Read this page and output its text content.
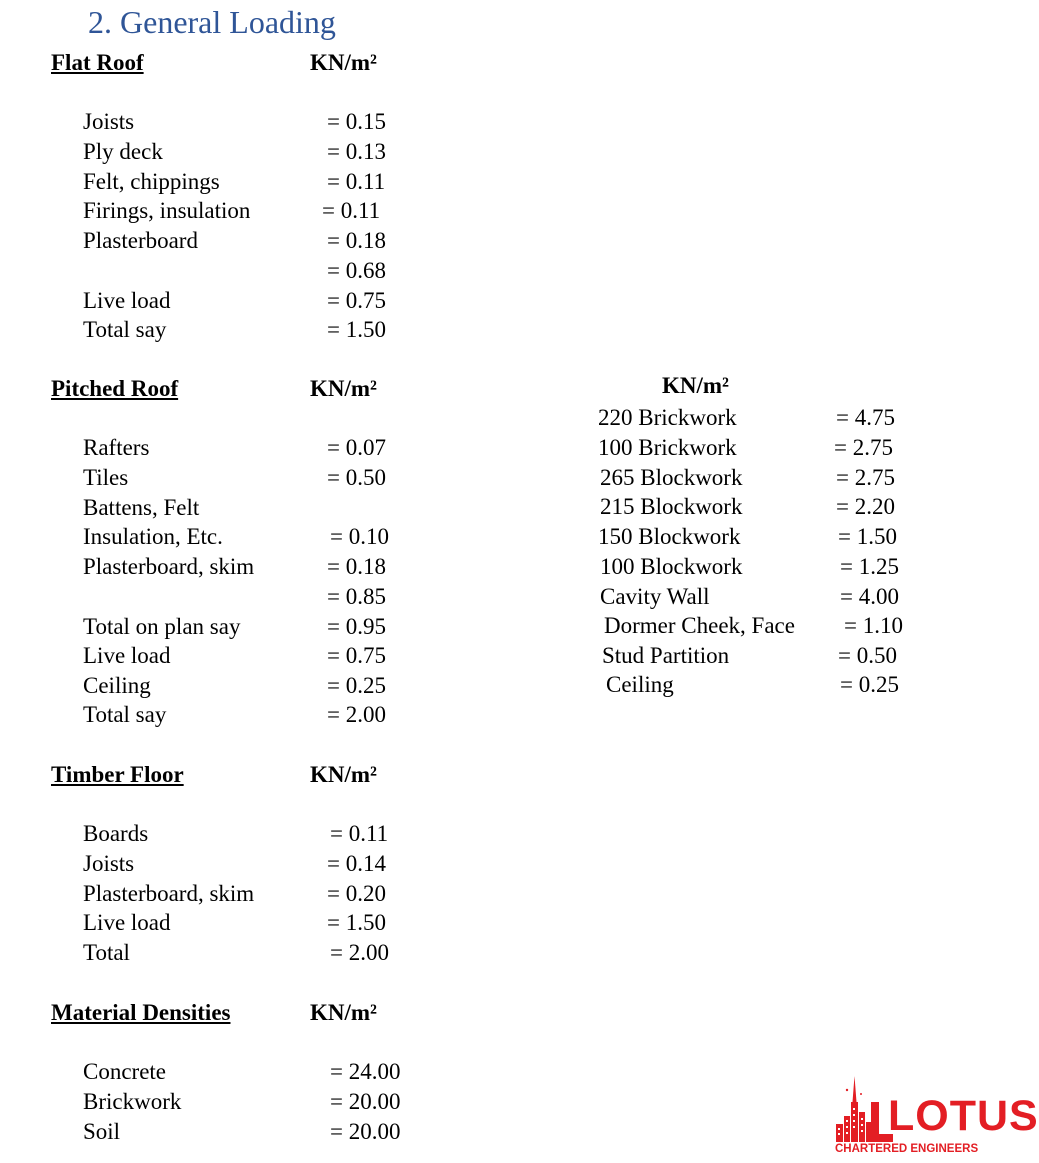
2. General Loading
Flat Roof	KN/m²
Joists	= 0.15
Ply deck	= 0.13
Felt, chippings	= 0.11
Firings, insulation	= 0.11
Plasterboard	= 0.18
= 0.68
Live load	= 0.75
Total say	= 1.50
Pitched Roof	KN/m²
Rafters	= 0.07
Tiles	= 0.50
Battens, Felt
Insulation, Etc.	= 0.10
Plasterboard, skim	= 0.18
= 0.85
Total on plan say	= 0.95
Live load	= 0.75
Ceiling	= 0.25
Total say	= 2.00
Timber Floor	KN/m²
Boards	= 0.11
Joists	= 0.14
Plasterboard, skim	= 0.20
Live load	= 1.50
Total	= 2.00
Material Densities	KN/m²
Concrete	= 24.00
Brickwork	= 20.00
Soil	= 20.00
KN/m²
220 Brickwork	= 4.75
100 Brickwork	= 2.75
265 Blockwork	= 2.75
215 Blockwork	= 2.20
150 Blockwork	= 1.50
100 Blockwork	= 1.25
Cavity Wall	= 4.00
Dormer Cheek, Face = 1.10
Stud Partition	= 0.50
Ceiling	= 0.25
LOTUS
CHARTERED ENGINEERS
